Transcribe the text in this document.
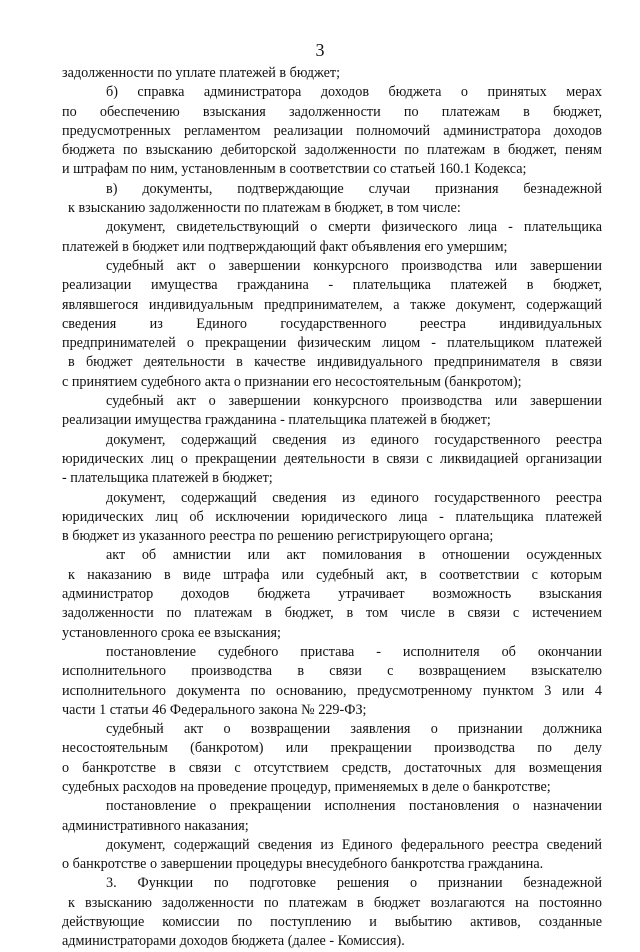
3
задолженности по уплате платежей в бюджет;
б) справка администратора доходов бюджета о принятых мерах
по обеспечению взыскания задолженности по платежам в бюджет,
предусмотренных регламентом реализации полномочий администратора доходов
бюджета по взысканию дебиторской задолженности по платежам в бюджет, пеням
и штрафам по ним, установленным в соответствии со статьей 160.1 Кодекса;
в) документы, подтверждающие случаи признания безнадежной
к взысканию задолженности по платежам в бюджет, в том числе:
документ, свидетельствующий о смерти физического лица - плательщика
платежей в бюджет или подтверждающий факт объявления его умершим;
судебный акт о завершении конкурсного производства или завершении
реализации имущества гражданина - плательщика платежей в бюджет,
являвшегося индивидуальным предпринимателем, а также документ, содержащий
сведения из Единого государственного реестра индивидуальных
предпринимателей о прекращении физическим лицом - плательщиком платежей
в бюджет деятельности в качестве индивидуального предпринимателя в связи
с принятием судебного акта о признании его несостоятельным (банкротом);
судебный акт о завершении конкурсного производства или завершении
реализации имущества гражданина - плательщика платежей в бюджет;
документ, содержащий сведения из единого государственного реестра
юридических лиц о прекращении деятельности в связи с ликвидацией организации
- плательщика платежей в бюджет;
документ, содержащий сведения из единого государственного реестра
юридических лиц об исключении юридического лица - плательщика платежей
в бюджет из указанного реестра по решению регистрирующего органа;
акт об амнистии или акт помилования в отношении осужденных
к наказанию в виде штрафа или судебный акт, в соответствии с которым
администратор доходов бюджета утрачивает возможность взыскания
задолженности по платежам в бюджет, в том числе в связи с истечением
установленного срока ее взыскания;
постановление судебного пристава - исполнителя об окончании
исполнительного производства в связи с возвращением взыскателю
исполнительного документа по основанию, предусмотренному пунктом 3 или 4
части 1 статьи 46 Федерального закона № 229-ФЗ;
судебный акт о возвращении заявления о признании должника
несостоятельным (банкротом) или прекращении производства по делу
о банкротстве в связи с отсутствием средств, достаточных для возмещения
судебных расходов на проведение процедур, применяемых в деле о банкротстве;
постановление о прекращении исполнения постановления о назначении
административного наказания;
документ, содержащий сведения из Единого федерального реестра сведений
о банкротстве о завершении процедуры внесудебного банкротства гражданина.
3. Функции по подготовке решения о признании безнадежной
к взысканию задолженности по платежам в бюджет возлагаются на постоянно
действующие комиссии по поступлению и выбытию активов, созданные
администраторами доходов бюджета (далее - Комиссия).
